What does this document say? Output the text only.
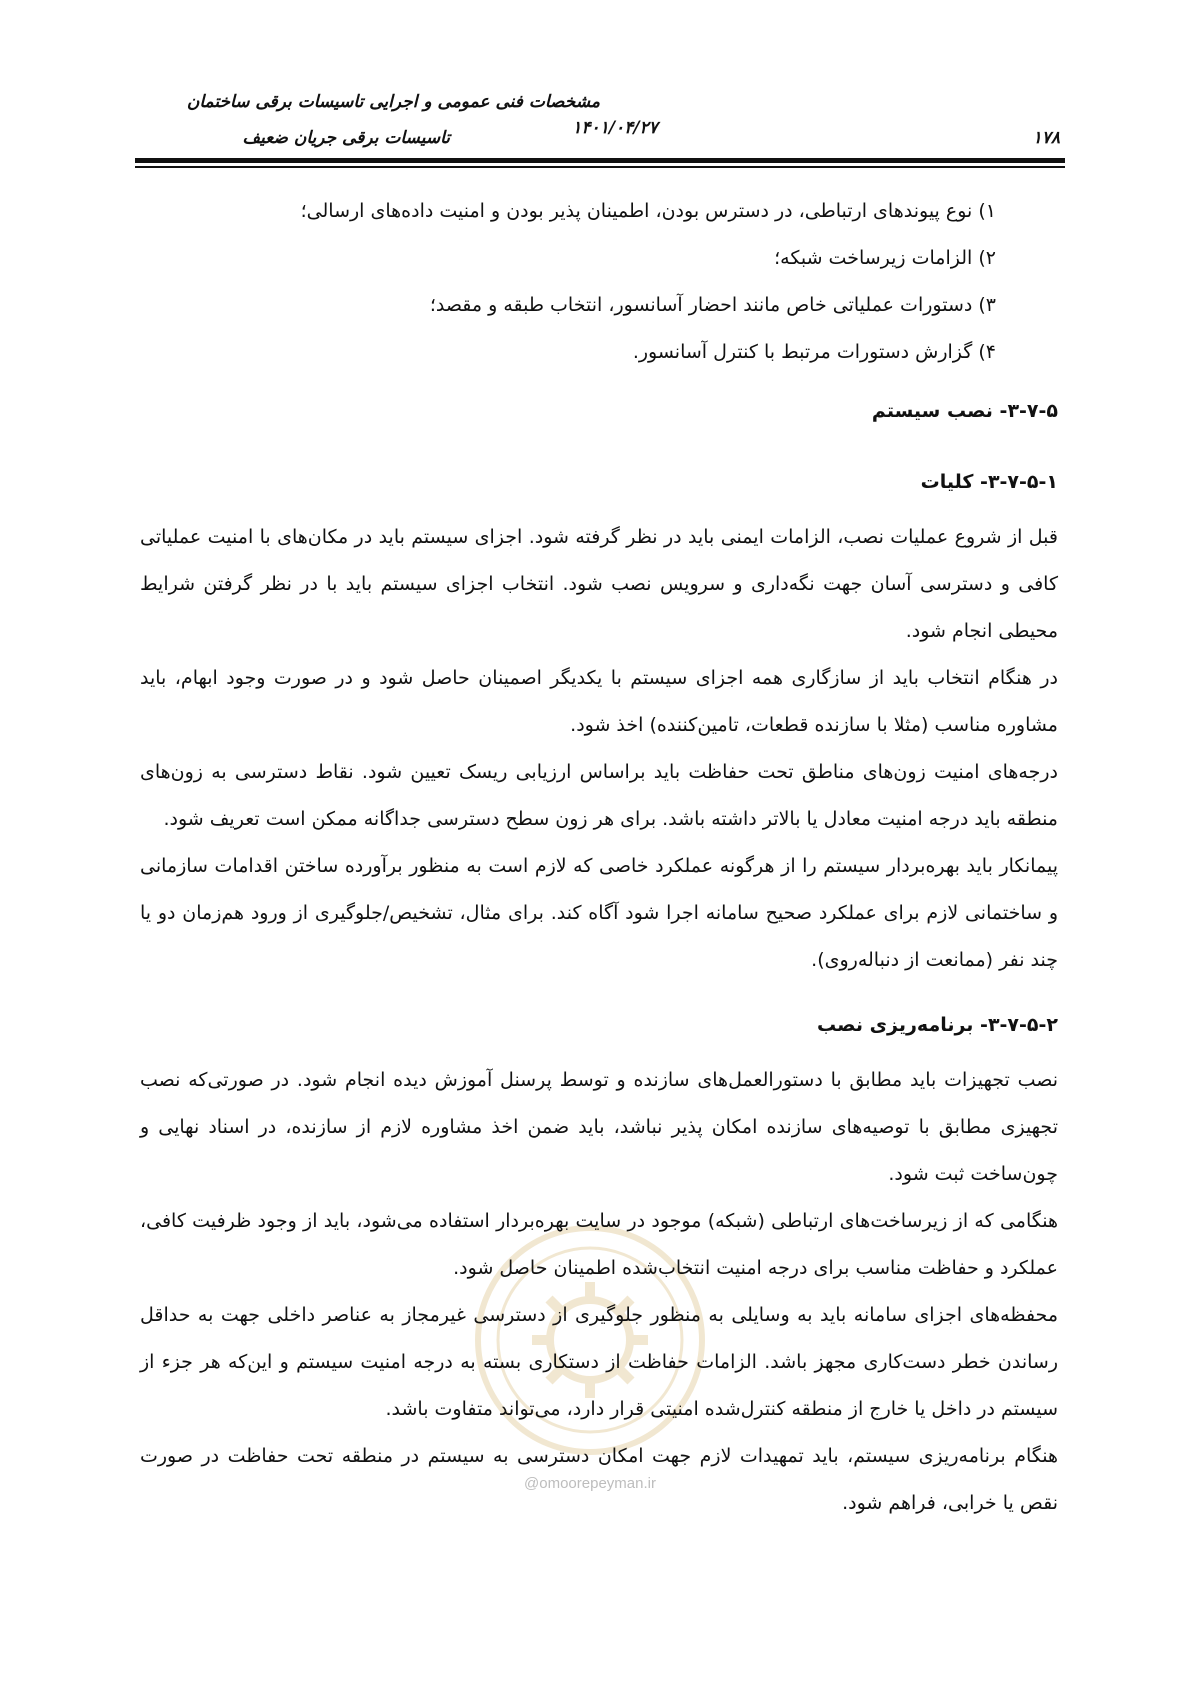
مشخصات فنی عمومی و اجرایی تاسیسات برقی ساختمان
تاسیسات برقی جریان ضعیف	۱۴۰۱/۰۴/۲۷	۱۷۸
@omoorepeyman.ir
۱) نوع پیوندهای ارتباطی، در دسترس بودن، اطمینان پذیر بودن و امنیت داده‌های ارسالی؛
۲) الزامات زیرساخت شبکه؛
۳) دستورات عملیاتی خاص مانند احضار آسانسور، انتخاب طبقه و مقصد؛
۴) گزارش دستورات مرتبط با کنترل آسانسور.

۳-۷-۵- نصب سیستم

۳-۷-۵-۱- کلیات

قبل از شروع عملیات نصب، الزامات ایمنی باید در نظر گرفته شود. اجزای سیستم باید در مکان‌های با امنیت عملیاتی کافی و دسترسی آسان جهت نگه‌داری و سرویس نصب شود. انتخاب اجزای سیستم باید با در نظر گرفتن شرایط محیطی انجام شود.

در هنگام انتخاب باید از سازگاری همه اجزای سیستم با یکدیگر اصمینان حاصل شود و در صورت وجود ابهام، باید مشاوره مناسب (مثلا با سازنده قطعات، تامین‌کننده) اخذ شود.

درجه‌های امنیت زون‌های مناطق تحت حفاظت باید براساس ارزیابی ریسک تعیین شود. نقاط دسترسی به زون‌های منطقه باید درجه امنیت معادل یا بالاتر داشته باشد. برای هر زون سطح دسترسی جداگانه ممکن است تعریف شود.

پیمانکار باید بهره‌بردار سیستم را از هرگونه عملکرد خاصی که لازم است به منظور برآورده ساختن اقدامات سازمانی و ساختمانی لازم برای عملکرد صحیح سامانه اجرا شود آگاه کند. برای مثال، تشخیص/جلوگیری از ورود هم‌زمان دو یا چند نفر (ممانعت از دنباله‌روی).

۳-۷-۵-۲- برنامه‌ریزی نصب

نصب تجهیزات باید مطابق با دستورالعمل‌های سازنده و توسط پرسنل آموزش دیده انجام شود. در صورتی‌که نصب تجهیزی مطابق با توصیه‌های سازنده امکان پذیر نباشد، باید ضمن اخذ مشاوره لازم از سازنده، در اسناد نهایی و چون‌ساخت ثبت شود.

هنگامی که از زیرساخت‌های ارتباطی (شبکه) موجود در سایت بهره‌بردار استفاده می‌شود، باید از وجود ظرفیت کافی، عملکرد و حفاظت مناسب برای درجه امنیت انتخاب‌شده اطمینان حاصل شود.

محفظه‌های اجزای سامانه باید به وسایلی به منظور جلوگیری از دسترسی غیرمجاز به عناصر داخلی جهت به حداقل رساندن خطر دست‌کاری مجهز باشد. الزامات حفاظت از دستکاری بسته به درجه امنیت سیستم و این‌که هر جزء از سیستم در داخل یا خارج از منطقه کنترل‌شده امنیتی قرار دارد، می‌تواند متفاوت باشد.

هنگام برنامه‌ریزی سیستم، باید تمهیدات لازم جهت امکان دسترسی به سیستم در منطقه تحت حفاظت در صورت نقص یا خرابی، فراهم شود.
